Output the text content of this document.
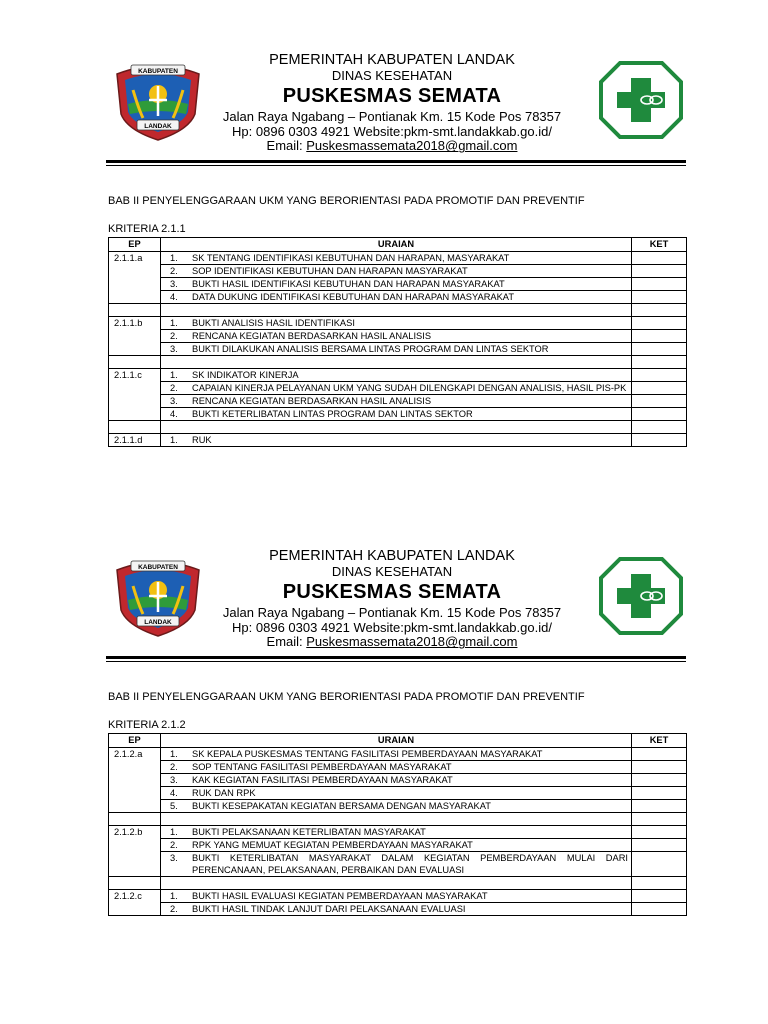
KABUPATEN
LANDAK
PEMERINTAH KABUPATEN LANDAK
DINAS KESEHATAN
PUSKESMAS SEMATA
Jalan Raya Ngabang – Pontianak Km. 15 Kode Pos 78357
Hp: 0896 0303 4921 Website:pkm-smt.landakkab.go.id/
Email: Puskesmassemata2018@gmail.com
BAB II PENYELENGGARAAN UKM YANG BERORIENTASI PADA PROMOTIF DAN PREVENTIF
KRITERIA 2.1.1
EP	URAIAN	KET
2.1.1.a	1. SK TENTANG IDENTIFIKASI KEBUTUHAN DAN HARAPAN, MASYARAKAT	

	2. SOP IDENTIFIKASI KEBUTUHAN DAN HARAPAN MASYARAKAT	

	3. BUKTI HASIL IDENTIFIKASI KEBUTUHAN DAN HARAPAN MASYARAKAT	

	4. DATA DUKUNG IDENTIFIKASI KEBUTUHAN DAN HARAPAN MASYARAKAT	

2.1.1.b	1. BUKTI ANALISIS HASIL IDENTIFIKASI	

	2. RENCANA KEGIATAN BERDASARKAN HASIL ANALISIS	

	3. BUKTI DILAKUKAN ANALISIS BERSAMA LINTAS PROGRAM DAN LINTAS SEKTOR	

2.1.1.c	1. SK INDIKATOR KINERJA	

	2. CAPAIAN KINERJA PELAYANAN UKM YANG SUDAH DILENGKAPI DENGAN ANALISIS, HASIL PIS-PK	

	3. RENCANA KEGIATAN BERDASARKAN HASIL ANALISIS	

	4. BUKTI KETERLIBATAN LINTAS PROGRAM DAN LINTAS SEKTOR	

2.1.1.d	1. RUK	

KABUPATEN
LANDAK
PEMERINTAH KABUPATEN LANDAK
DINAS KESEHATAN
PUSKESMAS SEMATA
Jalan Raya Ngabang – Pontianak Km. 15 Kode Pos 78357
Hp: 0896 0303 4921 Website:pkm-smt.landakkab.go.id/
Email: Puskesmassemata2018@gmail.com
BAB II PENYELENGGARAAN UKM YANG BERORIENTASI PADA PROMOTIF DAN PREVENTIF
KRITERIA 2.1.2
EP	URAIAN	KET
2.1.2.a	1. SK KEPALA PUSKESMAS TENTANG FASILITASI PEMBERDAYAAN MASYARAKAT	

	2. SOP TENTANG FASILITASI PEMBERDAYAAN MASYARAKAT	

	3. KAK KEGIATAN FASILITASI PEMBERDAYAAN MASYARAKAT	

	4. RUK DAN RPK	

	5. BUKTI KESEPAKATAN KEGIATAN BERSAMA DENGAN MASYARAKAT	

2.1.2.b	1. BUKTI PELAKSANAAN KETERLIBATAN MASYARAKAT	

	2. RPK YANG MEMUAT KEGIATAN PEMBERDAYAAN MASYARAKAT	

	3. BUKTI KETERLIBATAN MASYARAKAT DALAM KEGIATAN PEMBERDAYAAN MULAI DARI PERENCANAAN, PELAKSANAAN, PERBAIKAN DAN EVALUASI	

2.1.2.c	1. BUKTI HASIL EVALUASI KEGIATAN PEMBERDAYAAN MASYARAKAT	

	2. BUKTI HASIL TINDAK LANJUT DARI PELAKSANAAN EVALUASI	
